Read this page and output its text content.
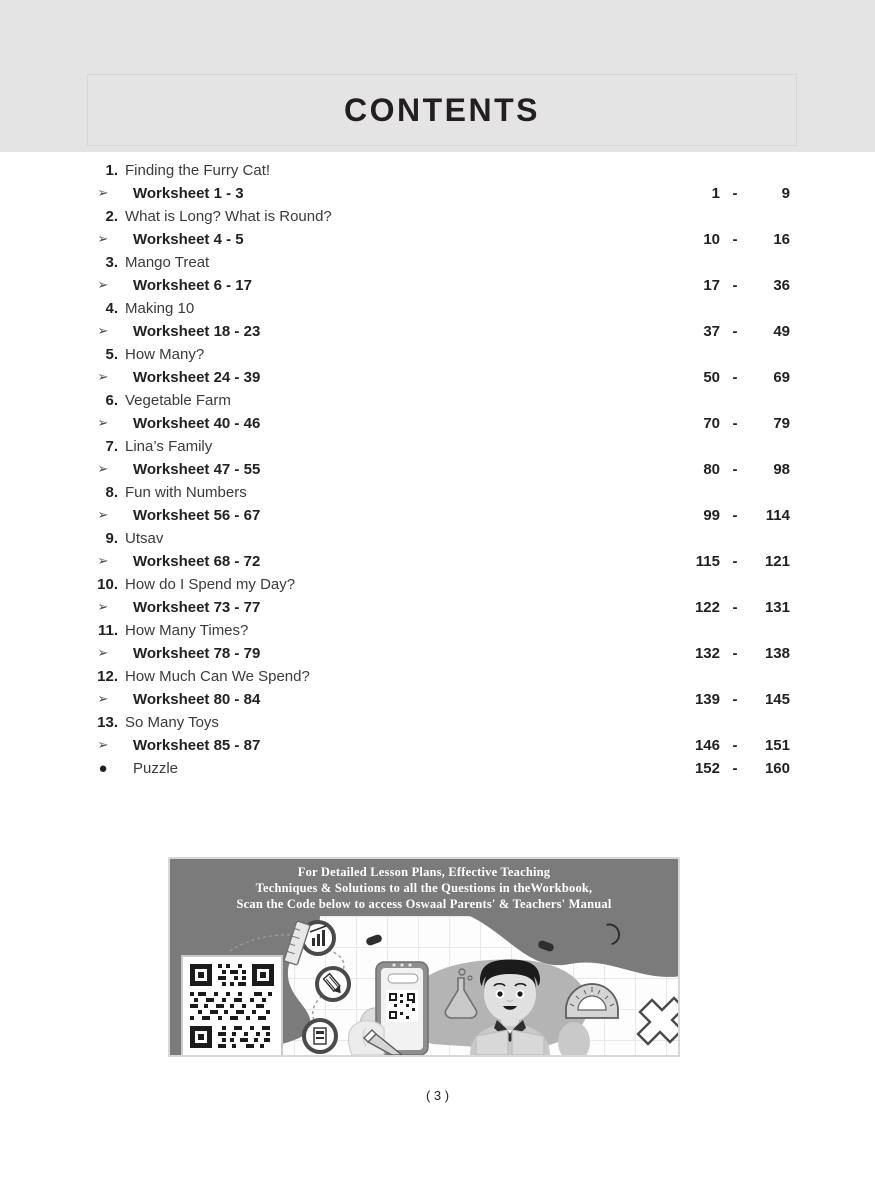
CONTENTS
1. Finding the Furry Cat!
➢	Worksheet 1 - 3	1 -	9
2. What is Long? What is Round?
➢	Worksheet 4 - 5	10 -	16
3. Mango Treat
➢	Worksheet 6 - 17	17 -	36
4. Making 10
➢	Worksheet 18 - 23	37 -	49
5. How Many?
➢	Worksheet 24 - 39	50 -	69
6. Vegetable Farm
➢	Worksheet 40 - 46	70 -	79
7. Lina’s Family
➢	Worksheet 47 - 55	80 -	98
8. Fun with Numbers
➢	Worksheet 56 - 67	99 -	114
9. Utsav
➢	Worksheet 68 - 72	115 -	121
10. How do I Spend my Day?
➢	Worksheet 73 - 77	122 -	131
11. How Many Times?
➢	Worksheet 78 - 79	132 -	138
12. How Much Can We Spend?
➢	Worksheet 80 - 84	139 -	145
13. So Many Toys
➢	Worksheet 85 - 87	146 -	151
●	Puzzle	152 -	160
For Detailed Lesson Plans, Effective Teaching
Techniques & Solutions to all the Questions in theWorkbook,
Scan the Code below to access Oswaal Parents' & Teachers' Manual
( 3 )
